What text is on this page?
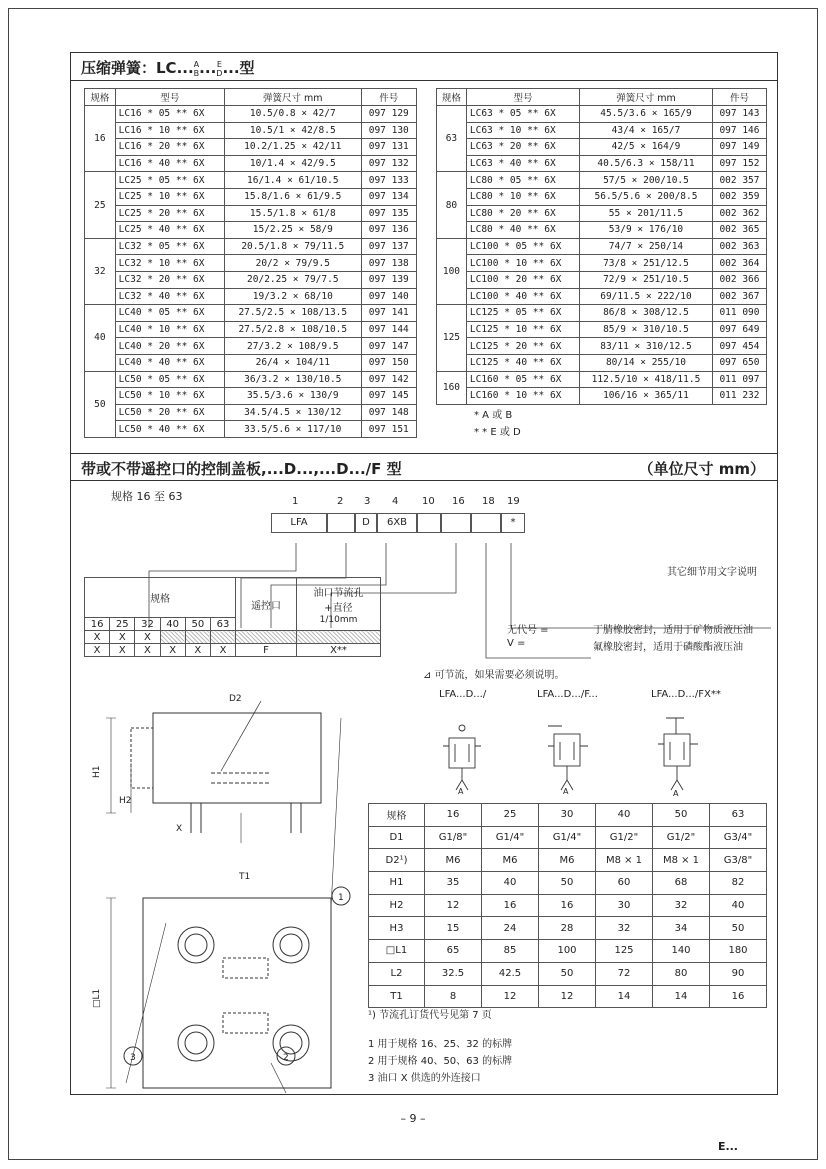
压缩弹簧：LC...A
B...E
D...型
规格	型号	弹簧尺寸 mm	件号
16	LC16 * 05 ** 6X	10.5/0.8 × 42/7	097 129
	LC16 * 10 ** 6X	10.5/1 × 42/8.5	097 130
	LC16 * 20 ** 6X	10.2/1.25 × 42/11	097 131
	LC16 * 40 ** 6X	10/1.4 × 42/9.5	097 132
25	LC25 * 05 ** 6X	16/1.4 × 61/10.5	097 133
	LC25 * 10 ** 6X	15.8/1.6 × 61/9.5	097 134
	LC25 * 20 ** 6X	15.5/1.8 × 61/8	097 135
	LC25 * 40 ** 6X	15/2.25 × 58/9	097 136
32	LC32 * 05 ** 6X	20.5/1.8 × 79/11.5	097 137
	LC32 * 10 ** 6X	20/2 × 79/9.5	097 138
	LC32 * 20 ** 6X	20/2.25 × 79/7.5	097 139
	LC32 * 40 ** 6X	19/3.2 × 68/10	097 140
40	LC40 * 05 ** 6X	27.5/2.5 × 108/13.5	097 141
	LC40 * 10 ** 6X	27.5/2.8 × 108/10.5	097 144
	LC40 * 20 ** 6X	27/3.2 × 108/9.5	097 147
	LC40 * 40 ** 6X	26/4 × 104/11	097 150
50	LC50 * 05 ** 6X	36/3.2 × 130/10.5	097 142
	LC50 * 10 ** 6X	35.5/3.6 × 130/9	097 145
	LC50 * 20 ** 6X	34.5/4.5 × 130/12	097 148
	LC50 * 40 ** 6X	33.5/5.6 × 117/10	097 151
规格	型号	弹簧尺寸 mm	件号
63	LC63 * 05 ** 6X	45.5/3.6 × 165/9	097 143
	LC63 * 10 ** 6X	43/4 × 165/7	097 146
	LC63 * 20 ** 6X	42/5 × 164/9	097 149
	LC63 * 40 ** 6X	40.5/6.3 × 158/11	097 152
80	LC80 * 05 ** 6X	57/5 × 200/10.5	002 357
	LC80 * 10 ** 6X	56.5/5.6 × 200/8.5	002 359
	LC80 * 20 ** 6X	55 × 201/11.5	002 362
	LC80 * 40 ** 6X	53/9 × 176/10	002 365
100	LC100 * 05 ** 6X	74/7 × 250/14	002 363
	LC100 * 10 ** 6X	73/8 × 251/12.5	002 364
	LC100 * 20 ** 6X	72/9 × 251/10.5	002 366
	LC100 * 40 ** 6X	69/11.5 × 222/10	002 367
125	LC125 * 05 ** 6X	86/8 × 308/12.5	011 090
	LC125 * 10 ** 6X	85/9 × 310/10.5	097 649
	LC125 * 20 ** 6X	83/11 × 310/12.5	097 454
	LC125 * 40 ** 6X	80/14 × 255/10	097 650
160	LC160 * 05 ** 6X	112.5/10 × 418/11.5	011 097
	LC160 * 10 ** 6X	106/16 × 365/11	011 232
* A 或 B
* * E 或 D
带或不带遥控口的控制盖板,...D...,...D.../F 型	（单位尺寸 mm）
规格 16 至 63	1	2 3 4 10 16 18 19
LFA	D	6XB	*
其它细节用文字说明
无代号 =	丁腈橡胶密封，适用于矿物质液压油
V =	氟橡胶密封，适用于磷酸酯液压油
规格						遥控口	油口节流孔
+直径
1/10mm
16	25	32	40	50	63		
X	X	X					
X	X	X	X	X	X	F	X**
⊿ 可节流，如果需要必须说明。
LFA...D.../	LFA...D.../F...	LFA...D.../FX**
A	A	A
规格	16	25	30	40	50	63
D1	G1/8"	G1/4"	G1/4"	G1/2"	G1/2"	G3/4"
D2¹)	M6	M6	M6	M8 × 1	M8 × 1	G3/8"
H1	35	40	50	60	68	82
H2	12	16	16	30	32	40
H3	15	24	28	32	34	50
□L1	65	85	100	125	140	180
L2	32.5	42.5	50	72	80	90
T1	8	12	12	14	14	16
¹) 节流孔订货代号见第 7 页
1 用于规格 16、25、32 的标牌
2 用于规格 40、50、63 的标牌
3 油口 X 供选的外连接口
D2
H1
H2
T1
□L1
X
1
3	2
– 9 –
E...
